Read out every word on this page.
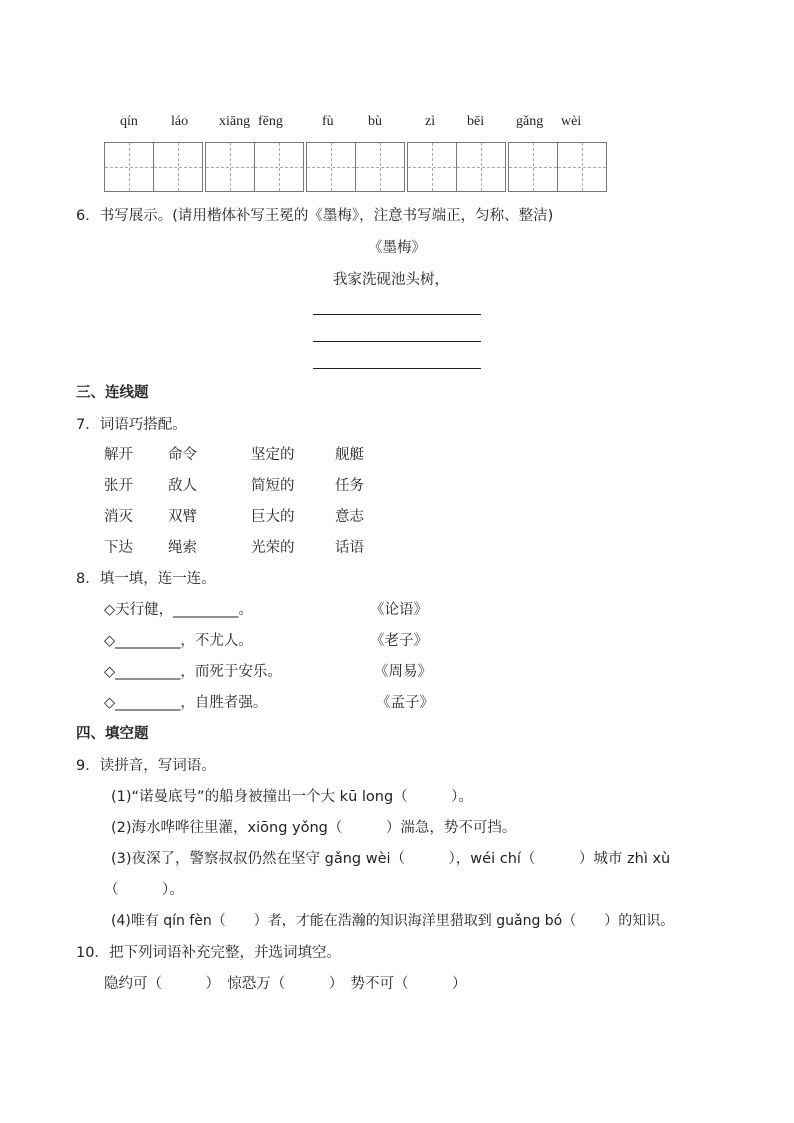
qín láo xiāng fēng	fù bù	zì bēi gǎng wèi
6．书写展示。(请用楷体补写王冕的《墨梅》，注意书写端正，匀称、整洁)
《墨梅》
我家洗砚池头树，
三、连线题
7．词语巧搭配。
解开 命令	坚定的	舰艇
张开 敌人	简短的	任务
消灭 双臂	巨大的	意志
下达 绳索	光荣的	话语
8．填一填，连一连。
◇天行健，_________。	《论语》
◇_________，不尤人。	《老子》
◇_________，而死于安乐。	《周易》
◇_________，自胜者强。	《孟子》
四、填空题
9．读拼音，写词语。
(1)“诺曼底号”的船身被撞出一个大 kū long（　　　）。
(2)海水哗哗往里灌，xiōng yǒng（　　　）湍急，势不可挡。
(3)夜深了，警察叔叔仍然在坚守 gǎng wèi（　　　），wéi chí（　　　）城市 zhì xù
（　　　）。
(4)唯有 qín fèn（　　）者，才能在浩瀚的知识海洋里猎取到 guǎng bó（　　）的知识。
10．把下列词语补充完整，并选词填空。
隐约可（　　　）　惊恐万（　　　）　势不可（　　　）
